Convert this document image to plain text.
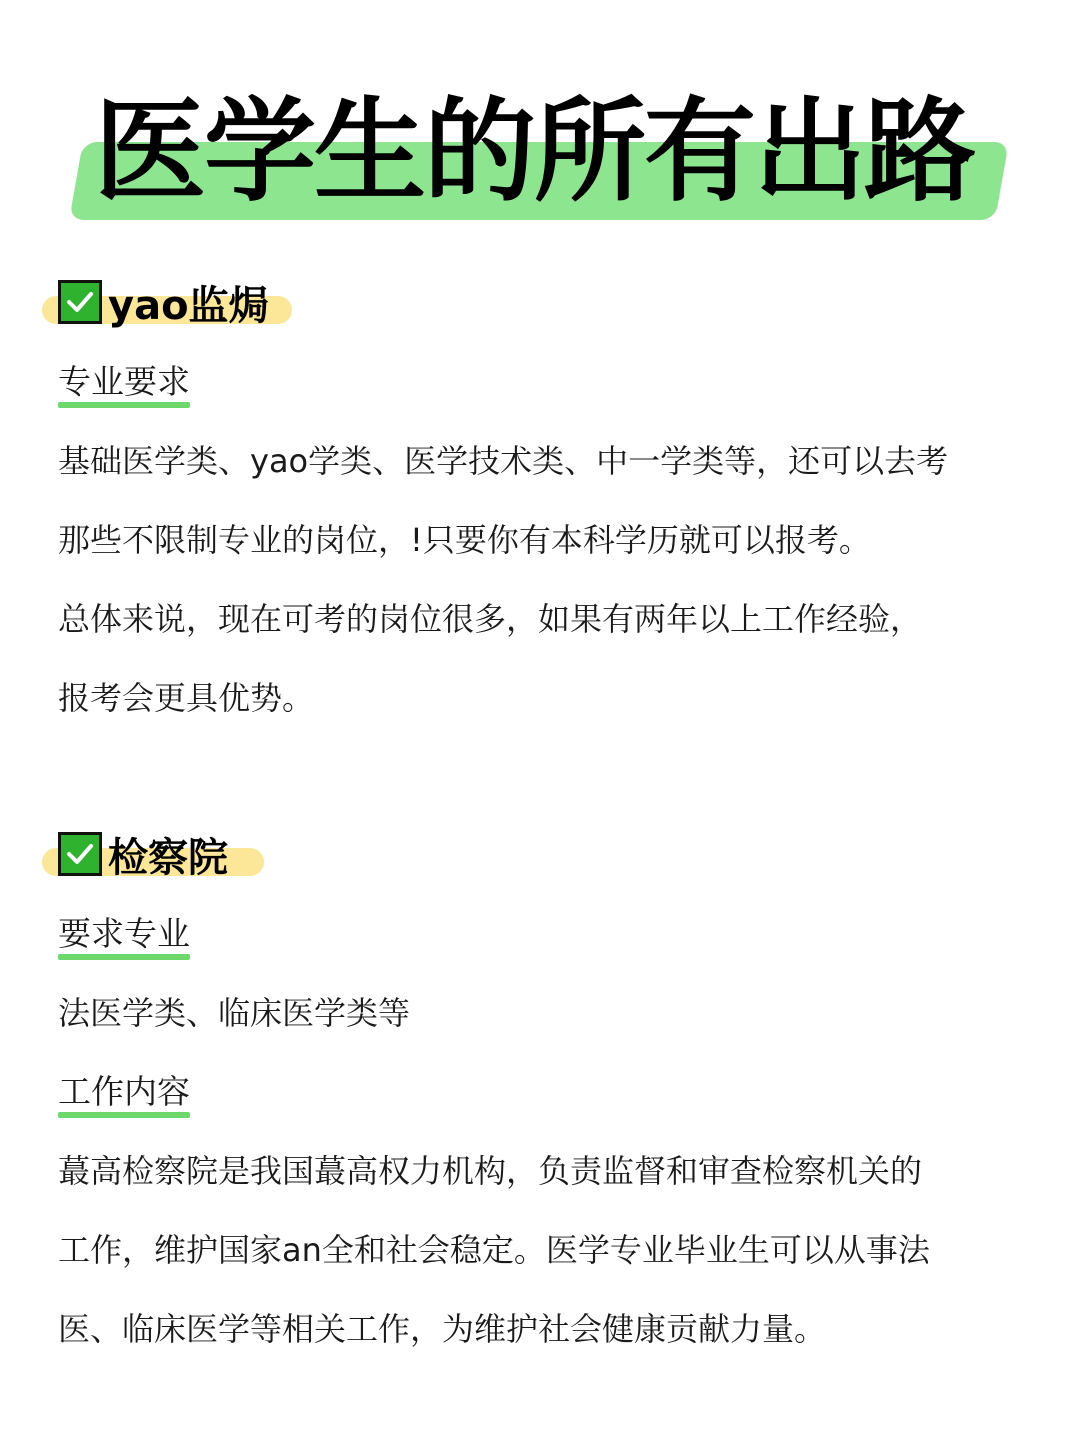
医学生的所有出路
yao监焗
专业要求
基础医学类、yao学类、医学技术类、中一学类等，还可以去考
那些不限制专业的岗位，!只要你有本科学历就可以报考。
总体来说，现在可考的岗位很多，如果有两年以上工作经验，
报考会更具优势。
检察院
要求专业
法医学类、临床医学类等
工作内容
蕞高检察院是我国蕞高权力机构，负责监督和审查检察机关的
工作，维护国家an全和社会稳定。医学专业毕业生可以从事法
医、临床医学等相关工作，为维护社会健康贡献力量。
